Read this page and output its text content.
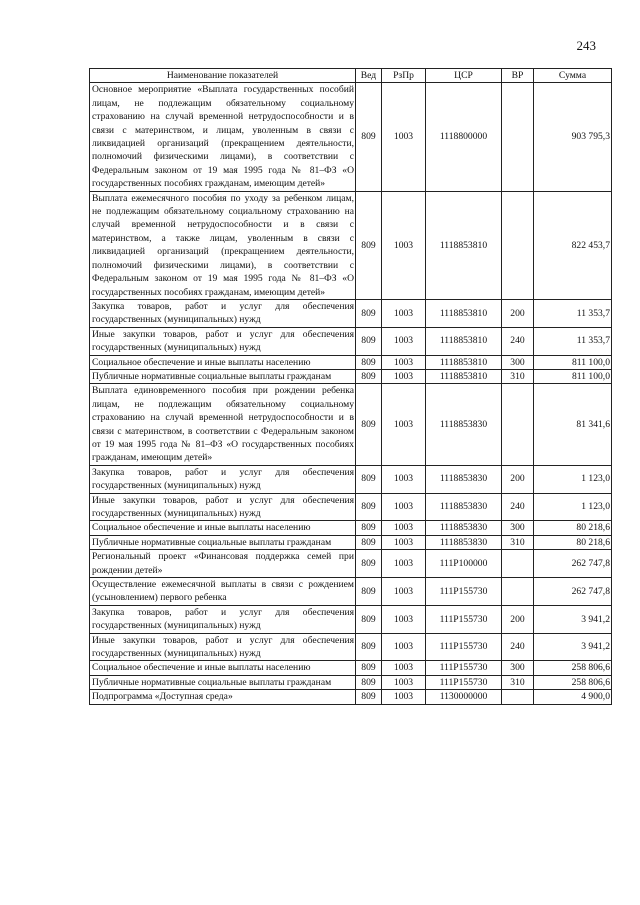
243
Наименование показателей	Вед	РзПр	ЦСР	ВР	Сумма
Основное мероприятие «Выплата государственных пособий лицам, не подлежащим обязательному социальному страхованию на случай временной нетрудоспособности и в связи с материнством, и лицам, уволенным в связи с ликвидацией организаций (прекращением деятельности, полномочий физическими лицами), в соответствии с Федеральным законом от 19 мая 1995 года № 81–ФЗ «О государственных пособиях гражданам, имеющим детей»	809	1003	1118800000		903 795,3
Выплата ежемесячного пособия по уходу за ребенком лицам, не подлежащим обязательному социальному страхованию на случай временной нетрудоспособности и в связи с материнством, а также лицам, уволенным в связи с ликвидацией организаций (прекращением деятельности, полномочий физическими лицами), в соответствии с Федеральным законом от 19 мая 1995 года № 81–ФЗ «О государственных пособиях гражданам, имеющим детей»	809	1003	1118853810		822 453,7
Закупка товаров, работ и услуг для обеспечения государственных (муниципальных) нужд	809	1003	1118853810	200	11 353,7
Иные закупки товаров, работ и услуг для обеспечения государственных (муниципальных) нужд	809	1003	1118853810	240	11 353,7
Социальное обеспечение и иные выплаты населению	809	1003	1118853810	300	811 100,0
Публичные нормативные социальные выплаты гражданам	809	1003	1118853810	310	811 100,0
Выплата единовременного пособия при рождении ребенка лицам, не подлежащим обязательному социальному страхованию на случай временной нетрудоспособности и в связи с материнством, в соответствии с Федеральным законом от 19 мая 1995 года № 81–ФЗ «О государственных пособиях гражданам, имеющим детей»	809	1003	1118853830		81 341,6
Закупка товаров, работ и услуг для обеспечения государственных (муниципальных) нужд	809	1003	1118853830	200	1 123,0
Иные закупки товаров, работ и услуг для обеспечения государственных (муниципальных) нужд	809	1003	1118853830	240	1 123,0
Социальное обеспечение и иные выплаты населению	809	1003	1118853830	300	80 218,6
Публичные нормативные социальные выплаты гражданам	809	1003	1118853830	310	80 218,6
Региональный проект «Финансовая поддержка семей при рождении детей»	809	1003	111P100000		262 747,8
Осуществление ежемесячной выплаты в связи с рождением (усыновлением) первого ребенка	809	1003	111P155730		262 747,8
Закупка товаров, работ и услуг для обеспечения государственных (муниципальных) нужд	809	1003	111P155730	200	3 941,2
Иные закупки товаров, работ и услуг для обеспечения государственных (муниципальных) нужд	809	1003	111P155730	240	3 941,2
Социальное обеспечение и иные выплаты населению	809	1003	111P155730	300	258 806,6
Публичные нормативные социальные выплаты гражданам	809	1003	111P155730	310	258 806,6
Подпрограмма «Доступная среда»	809	1003	1130000000		4 900,0
